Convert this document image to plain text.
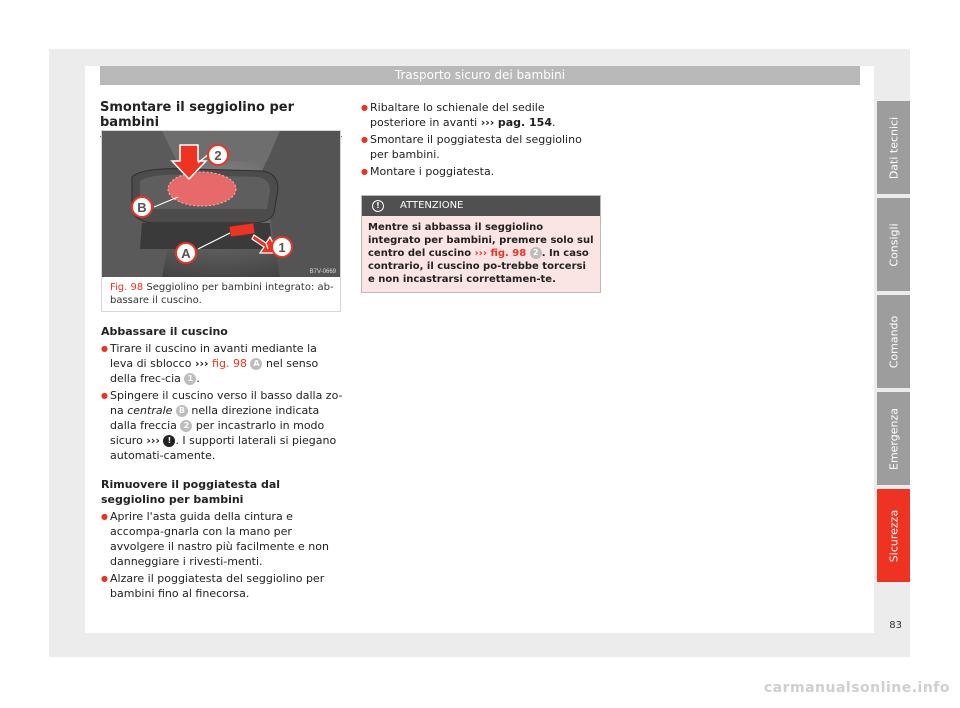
Trasporto sicuro dei bambini
Smontare il seggiolino per bambini
2
B
A	1
B7V-0669
Fig. 98 Seggiolino per bambini integrato: ab-bassare il cuscino.
Abbassare il cuscino
● Tirare il cuscino in avanti mediante la leva di sblocco ››› fig. 98 A nel senso della frec-cia 1 .
● Spingere il cuscino verso il basso dalla zo-na centrale B nella direzione indicata dalla freccia 2 per incastrarlo in modo sicuro ››› ! . I supporti laterali si piegano automati-camente.
Rimuovere il poggiatesta dal seggiolino per bambini
● Aprire l'asta guida della cintura e accompa-gnarla con la mano per avvolgere il nastro più facilmente e non danneggiare i rivesti-menti.
● Alzare il poggiatesta del seggiolino per bambini fino al finecorsa.
● Ribaltare lo schienale del sedile posteriore in avanti ››› pag. 154.
● Smontare il poggiatesta del seggiolino per bambini.
● Montare i poggiatesta.
!	ATTENZIONE
Mentre si abbassa il seggiolino integrato per bambini, premere solo sul centro del cuscino ››› fig. 98 2 . In caso contrario, il cuscino po-trebbe torcersi e non incastrarsi correttamen-te.
Dati tecnici
Consigli
Comando
Emergenza
Sicurezza
83
carmanualsonline.info
